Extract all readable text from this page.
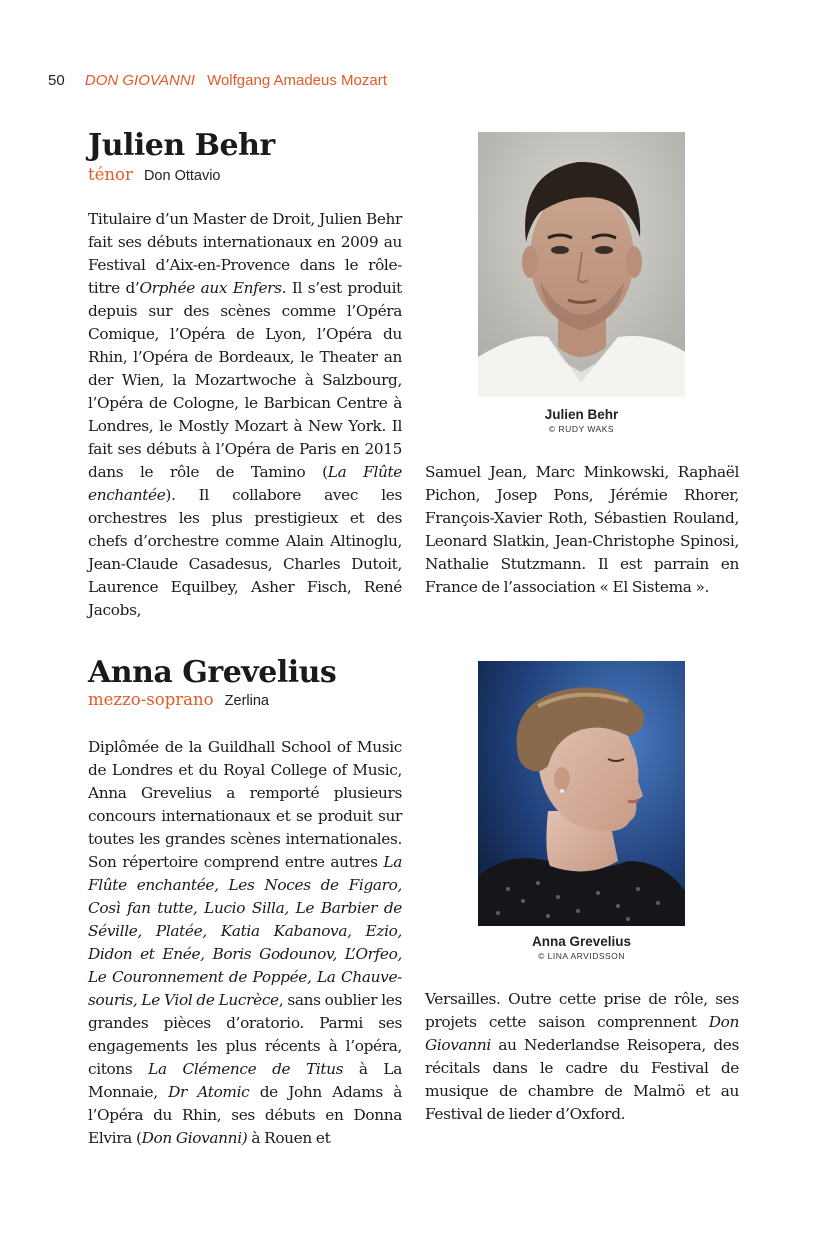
50 DON GIOVANNI Wolfgang Amadeus Mozart
Julien Behr
ténor Don Ottavio

Titulaire d’un Master de Droit, Julien Behr fait ses débuts internationaux en 2009 au Festival d’Aix-en-Provence dans le rôle-titre d’Orphée aux Enfers. Il s’est produit depuis sur des scènes comme l’Opéra Comique, l’Opéra de Lyon, l’Opéra du Rhin, l’Opéra de Bordeaux, le Theater an der Wien, la Mozartwoche à Salzbourg, l’Opéra de Cologne, le Barbican Centre à Londres, le Mostly Mozart à New York. Il fait ses débuts à l’Opéra de Paris en 2015 dans le rôle de Tamino (La Flûte enchantée). Il collabore avec les orchestres les plus prestigieux et des chefs d’orchestre comme Alain Altinoglu, Jean-Claude Casadesus, Charles Dutoit, Laurence Equilbey, Asher Fisch, René Jacobs,

Julien Behr
© RUDY WAKS

Samuel Jean, Marc Minkowski, Raphaël Pichon, Josep Pons, Jérémie Rhorer, François-Xavier Roth, Sébastien Rouland, Leonard Slatkin, Jean-Christophe Spinosi, Nathalie Stutzmann. Il est parrain en France de l’association « El Sistema ».

Anna Grevelius
mezzo-soprano Zerlina

Diplômée de la Guildhall School of Music de Londres et du Royal College of Music, Anna Grevelius a remporté plusieurs concours internationaux et se produit sur toutes les grandes scènes internationales. Son répertoire comprend entre autres La Flûte enchantée, Les Noces de Figaro, Così fan tutte, Lucio Silla, Le Barbier de Séville, Platée, Katia Kabanova, Ezio, Didon et Enée, Boris Godounov, L’Orfeo, Le Couronnement de Poppée, La Chauve-souris, Le Viol de Lucrèce, sans oublier les grandes pièces d’oratorio. Parmi ses engagements les plus récents à l’opéra, citons La Clémence de Titus à La Monnaie, Dr Atomic de John Adams à l’Opéra du Rhin, ses débuts en Donna Elvira (Don Giovanni) à Rouen et

Anna Grevelius
© LINA ARVIDSSON

Versailles. Outre cette prise de rôle, ses projets cette saison comprennent Don Giovanni au Nederlandse Reisopera, des récitals dans le cadre du Festival de musique de chambre de Malmö et au Festival de lieder d’Oxford.
